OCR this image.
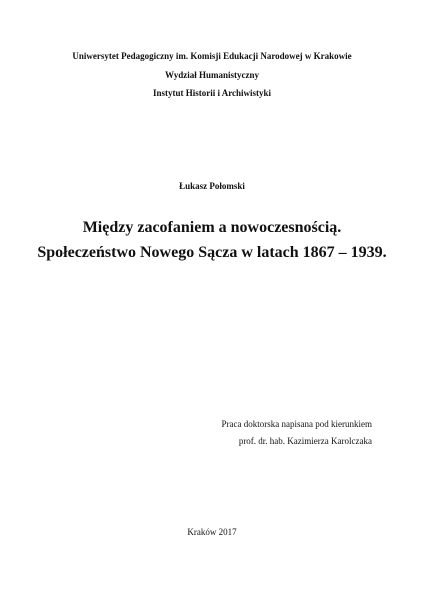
Uniwersytet Pedagogiczny im. Komisji Edukacji Narodowej w Krakowie
Wydział Humanistyczny
Instytut Historii i Archiwistyki
Łukasz Połomski
Między zacofaniem a nowoczesnością.
Społeczeństwo Nowego Sącza w latach 1867 – 1939.
Praca doktorska napisana pod kierunkiem
prof. dr. hab. Kazimierza Karolczaka
Kraków 2017
